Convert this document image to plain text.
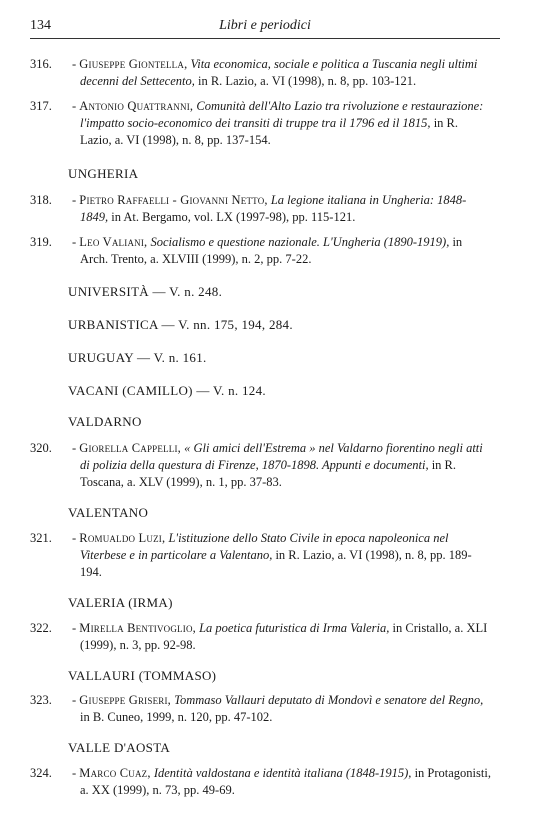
134	Libri e periodici
316.	- Giuseppe Giontella, Vita economica, sociale e politica a Tuscania negli ultimi decenni del Settecento, in R. Lazio, a. VI (1998), n. 8, pp. 103-121.
317.	- Antonio Quattranni, Comunità dell'Alto Lazio tra rivoluzione e restaurazione: l'impatto socio-economico dei transiti di truppe tra il 1796 ed il 1815, in R. Lazio, a. VI (1998), n. 8, pp. 137-154.
UNGHERIA
318.	- Pietro Raffaelli - Giovanni Netto, La legione italiana in Ungheria: 1848-1849, in At. Bergamo, vol. LX (1997-98), pp. 115-121.
319.	- Leo Valiani, Socialismo e questione nazionale. L'Ungheria (1890-1919), in Arch. Trento, a. XLVIII (1999), n. 2, pp. 7-22.
UNIVERSITÀ — V. n. 248.
URBANISTICA — V. nn. 175, 194, 284.
URUGUAY — V. n. 161.
VACANI (CAMILLO) — V. n. 124.
VALDARNO
320.	- Giorella Cappelli, « Gli amici dell'Estrema » nel Valdarno fiorentino negli atti di polizia della questura di Firenze, 1870-1898. Appunti e documenti, in R. Toscana, a. XLV (1999), n. 1, pp. 37-83.
VALENTANO
321.	- Romualdo Luzi, L'istituzione dello Stato Civile in epoca napoleonica nel Viterbese e in particolare a Valentano, in R. Lazio, a. VI (1998), n. 8, pp. 189-194.
VALERIA (IRMA)
322.	- Mirella Bentivoglio, La poetica futuristica di Irma Valeria, in Cristallo, a. XLI (1999), n. 3, pp. 92-98.
VALLAURI (TOMMASO)
323.	- Giuseppe Griseri, Tommaso Vallauri deputato di Mondovì e senatore del Regno, in B. Cuneo, 1999, n. 120, pp. 47-102.
VALLE D'AOSTA
324.	- Marco Cuaz, Identità valdostana e identità italiana (1848-1915), in Protagonisti, a. XX (1999), n. 73, pp. 49-69.
